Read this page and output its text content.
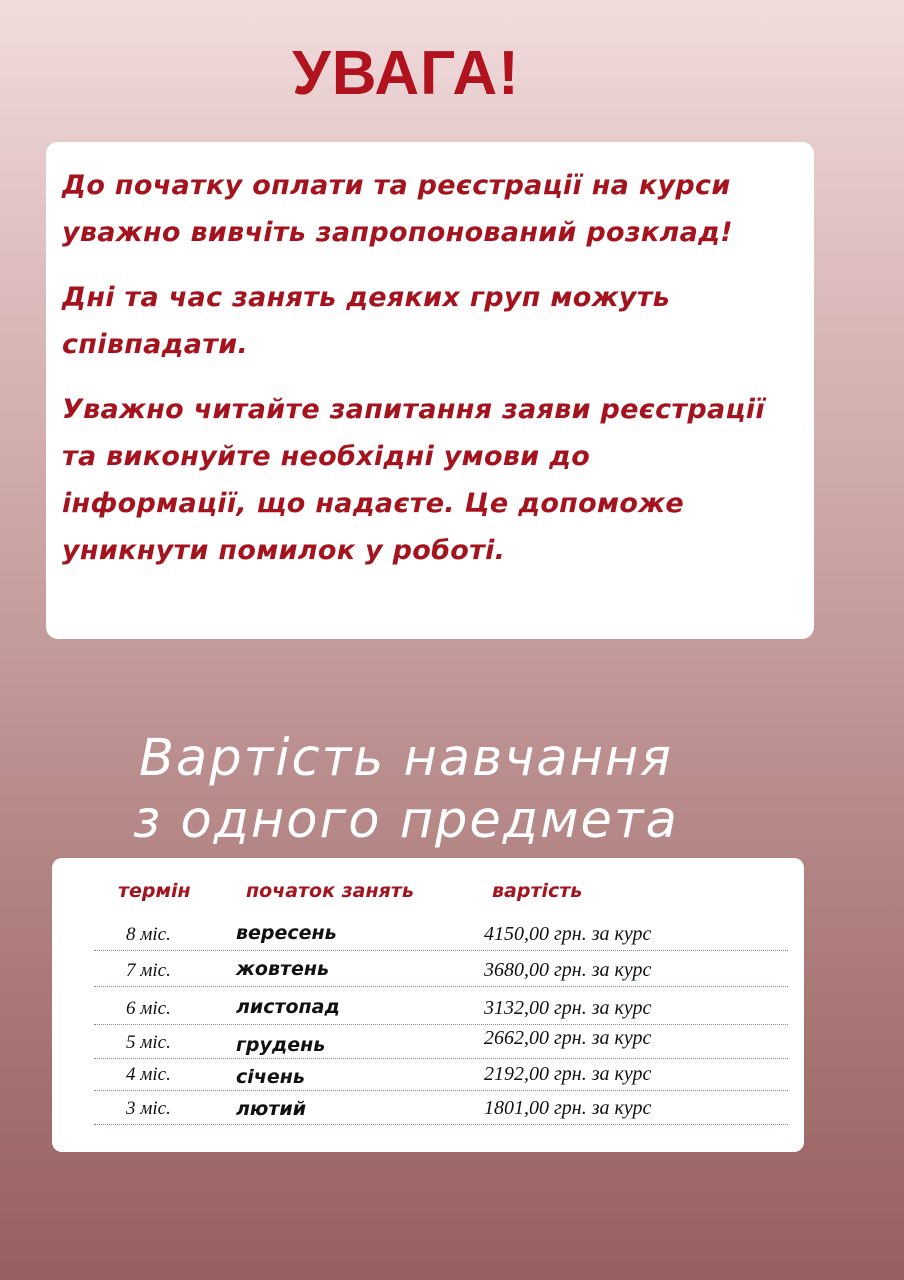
УВАГА!

До початку оплати та реєстрації на курси уважно вивчіть запропонований розклад!

Дні та час занять деяких груп можуть співпадати.

Уважно читайте запитання заяви реєстрації та виконуйте необхідні умови до інформації, що надаєте. Це допоможе уникнути помилок у роботі.

Вартість навчання
з одного предмета
термін	початок занять	вартість
8 міс.	вересень	4150,00 грн. за курс
7 міс.	жовтень	3680,00 грн. за курс
6 міс.	листопад	3132,00 грн. за курс
5 міс.	грудень	2662,00 грн. за курс
4 міс.	січень	2192,00 грн. за курс
3 міс.	лютий	1801,00 грн. за курс
